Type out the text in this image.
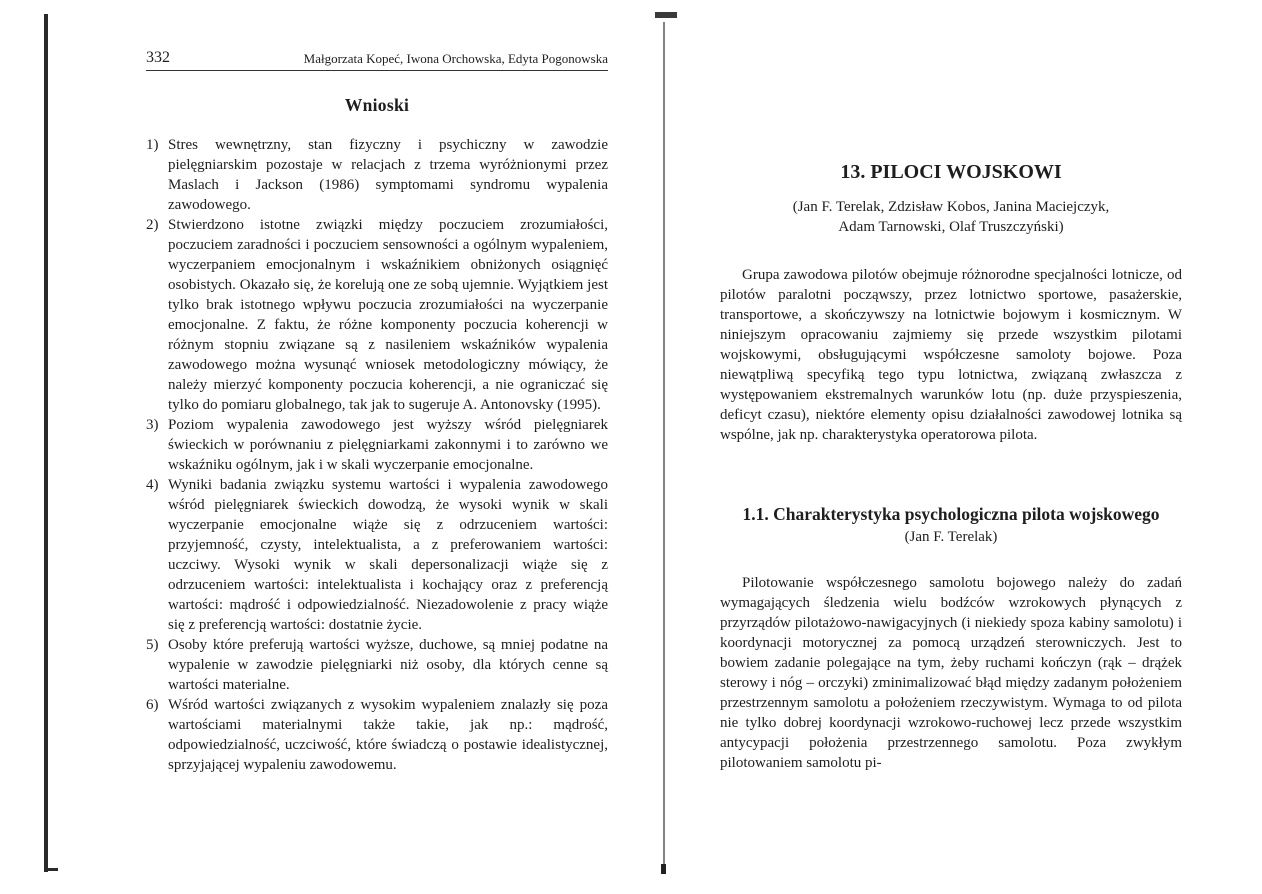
332	Małgorzata Kopeć, Iwona Orchowska, Edyta Pogonowska
Wnioski
1) Stres wewnętrzny, stan fizyczny i psychiczny w zawodzie pielęgniarskim pozostaje w relacjach z trzema wyróżnionymi przez Maslach i Jackson (1986) symptomami syndromu wypalenia zawodowego.
2) Stwierdzono istotne związki między poczuciem zrozumiałości, poczuciem zaradności i poczuciem sensowności a ogólnym wypaleniem, wyczerpaniem emocjonalnym i wskaźnikiem obniżonych osiągnięć osobistych. Okazało się, że korelują one ze sobą ujemnie. Wyjątkiem jest tylko brak istotnego wpływu poczucia zrozumiałości na wyczerpanie emocjonalne. Z faktu, że różne komponenty poczucia koherencji w różnym stopniu związane są z nasileniem wskaźników wypalenia zawodowego można wysunąć wniosek metodologiczny mówiący, że należy mierzyć komponenty poczucia koherencji, a nie ograniczać się tylko do pomiaru globalnego, tak jak to sugeruje A. Antonovsky (1995).
3) Poziom wypalenia zawodowego jest wyższy wśród pielęgniarek świeckich w porównaniu z pielęgniarkami zakonnymi i to zarówno we wskaźniku ogólnym, jak i w skali wyczerpanie emocjonalne.
4) Wyniki badania związku systemu wartości i wypalenia zawodowego wśród pielęgniarek świeckich dowodzą, że wysoki wynik w skali wyczerpanie emocjonalne wiąże się z odrzuceniem wartości: przyjemność, czysty, intelektualista, a z preferowaniem wartości: uczciwy. Wysoki wynik w skali depersonalizacji wiąże się z odrzuceniem wartości: intelektualista i kochający oraz z preferencją wartości: mądrość i odpowiedzialność. Niezadowolenie z pracy wiąże się z preferencją wartości: dostatnie życie.
5) Osoby które preferują wartości wyższe, duchowe, są mniej podatne na wypalenie w zawodzie pielęgniarki niż osoby, dla których cenne są wartości materialne.
6) Wśród wartości związanych z wysokim wypaleniem znalazły się poza wartościami materialnymi także takie, jak np.: mądrość, odpowiedzialność, uczciwość, które świadczą o postawie idealistycznej, sprzyjającej wypaleniu zawodowemu.
13. PILOCI WOJSKOWI
(Jan F. Terelak, Zdzisław Kobos, Janina Maciejczyk,
Adam Tarnowski, Olaf Truszczyński)

Grupa zawodowa pilotów obejmuje różnorodne specjalności lotnicze, od pilotów paralotni począwszy, przez lotnictwo sportowe, pasażerskie, transportowe, a skończywszy na lotnictwie bojowym i kosmicznym. W niniejszym opracowaniu zajmiemy się przede wszystkim pilotami wojskowymi, obsługującymi współczesne samoloty bojowe. Poza niewątpliwą specyfiką tego typu lotnictwa, związaną zwłaszcza z występowaniem ekstremalnych warunków lotu (np. duże przyspieszenia, deficyt czasu), niektóre elementy opisu działalności zawodowej lotnika są wspólne, jak np. charakterystyka operatorowa pilota.

1.1. Charakterystyka psychologiczna pilota wojskowego
(Jan F. Terelak)

Pilotowanie współczesnego samolotu bojowego należy do zadań wymagających śledzenia wielu bodźców wzrokowych płynących z przyrządów pilotażowo-nawigacyjnych (i niekiedy spoza kabiny samolotu) i koordynacji motorycznej za pomocą urządzeń sterowniczych. Jest to bowiem zadanie polegające na tym, żeby ruchami kończyn (rąk – drążek sterowy i nóg – orczyki) zminimalizować błąd między zadanym położeniem przestrzennym samolotu a położeniem rzeczywistym. Wymaga to od pilota nie tylko dobrej koordynacji wzrokowo-ruchowej lecz przede wszystkim antycypacji położenia przestrzennego samolotu. Poza zwykłym pilotowaniem samolotu pi-
